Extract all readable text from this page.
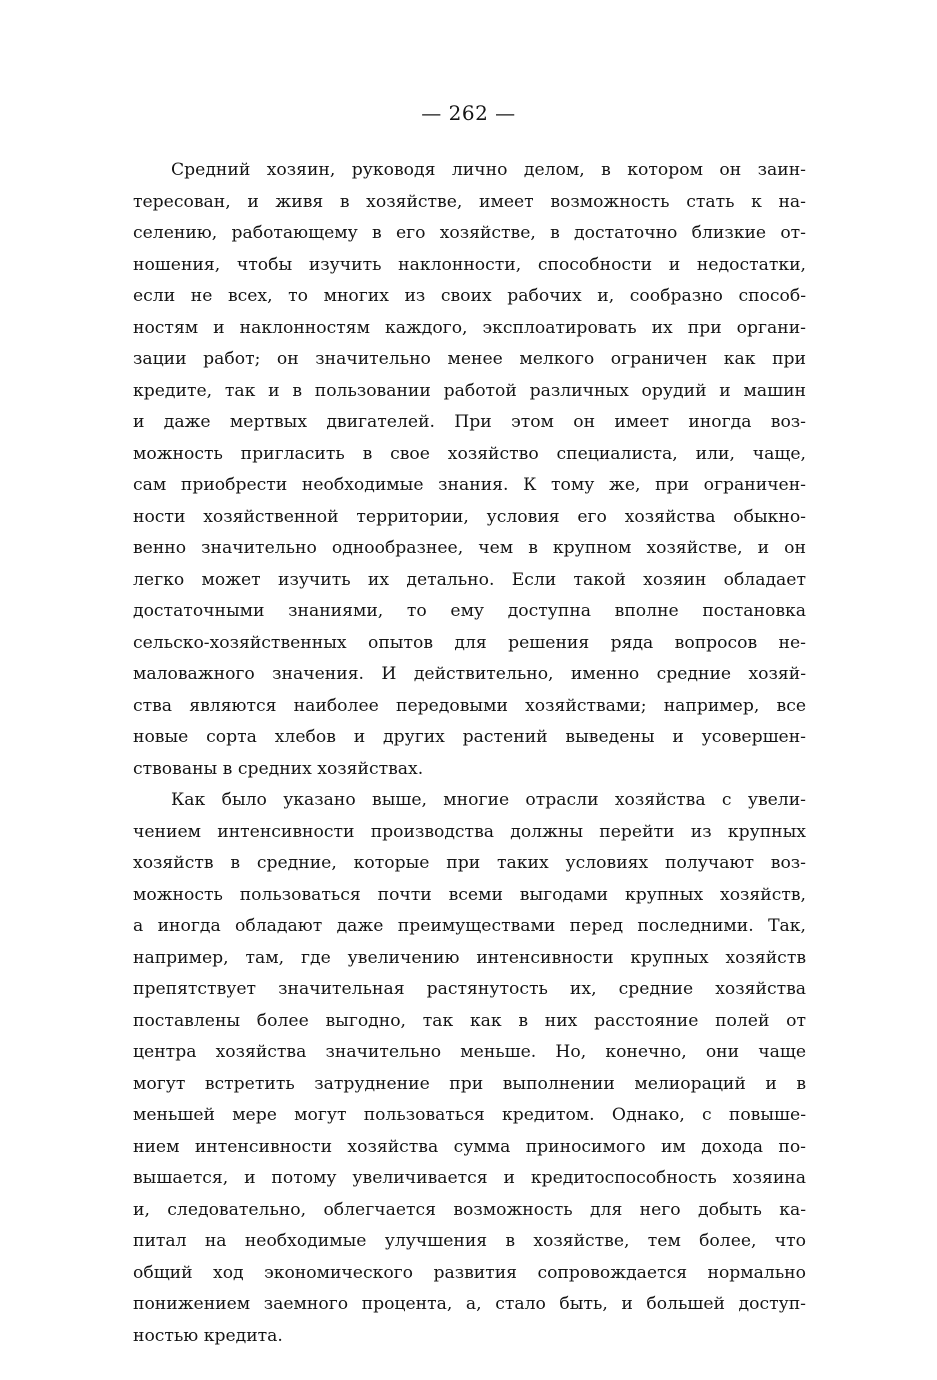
— 262 —
Средний хозяин, руководя лично делом, в котором он заин-
тересован, и живя в хозяйстве, имеет возможность стать к на-
селению, работающему в его хозяйстве, в достаточно близкие от-
ношения, чтобы изучить наклонности, способности и недостатки,
если не всех, то многих из своих рабочих и, сообразно способ-
ностям и наклонностям каждого, эксплоатировать их при органи-
зации работ; он значительно менее мелкого ограничен как при
кредите, так и в пользовании работой различных орудий и машин
и даже мертвых двигателей. При этом он имеет иногда воз-
можность пригласить в свое хозяйство специалиста, или, чаще,
сам приобрести необходимые знания. К тому же, при ограничен-
ности хозяйственной территории, условия его хозяйства обыкно-
венно значительно однообразнее, чем в крупном хозяйстве, и он
легко может изучить их детально. Если такой хозяин обладает
достаточными знаниями, то ему доступна вполне постановка
сельско-хозяйственных опытов для решения ряда вопросов не-
маловажного значения. И действительно, именно средние хозяй-
ства являются наиболее передовыми хозяйствами; например, все
новые сорта хлебов и других растений выведены и усовершен-
ствованы в средних хозяйствах.
Как было указано выше, многие отрасли хозяйства с увели-
чением интенсивности производства должны перейти из крупных
хозяйств в средние, которые при таких условиях получают воз-
можность пользоваться почти всеми выгодами крупных хозяйств,
а иногда обладают даже преимуществами перед последними. Так,
например, там, где увеличению интенсивности крупных хозяйств
препятствует значительная растянутость их, средние хозяйства
поставлены более выгодно, так как в них расстояние полей от
центра хозяйства значительно меньше. Но, конечно, они чаще
могут встретить затруднение при выполнении мелиораций и в
меньшей мере могут пользоваться кредитом. Однако, с повыше-
нием интенсивности хозяйства сумма приносимого им дохода по-
вышается, и потому увеличивается и кредитоспособность хозяина
и, следовательно, облегчается возможность для него добыть ка-
питал на необходимые улучшения в хозяйстве, тем более, что
общий ход экономического развития сопровождается нормально
понижением заемного процента, а, стало быть, и большей доступ-
ностью кредита.
